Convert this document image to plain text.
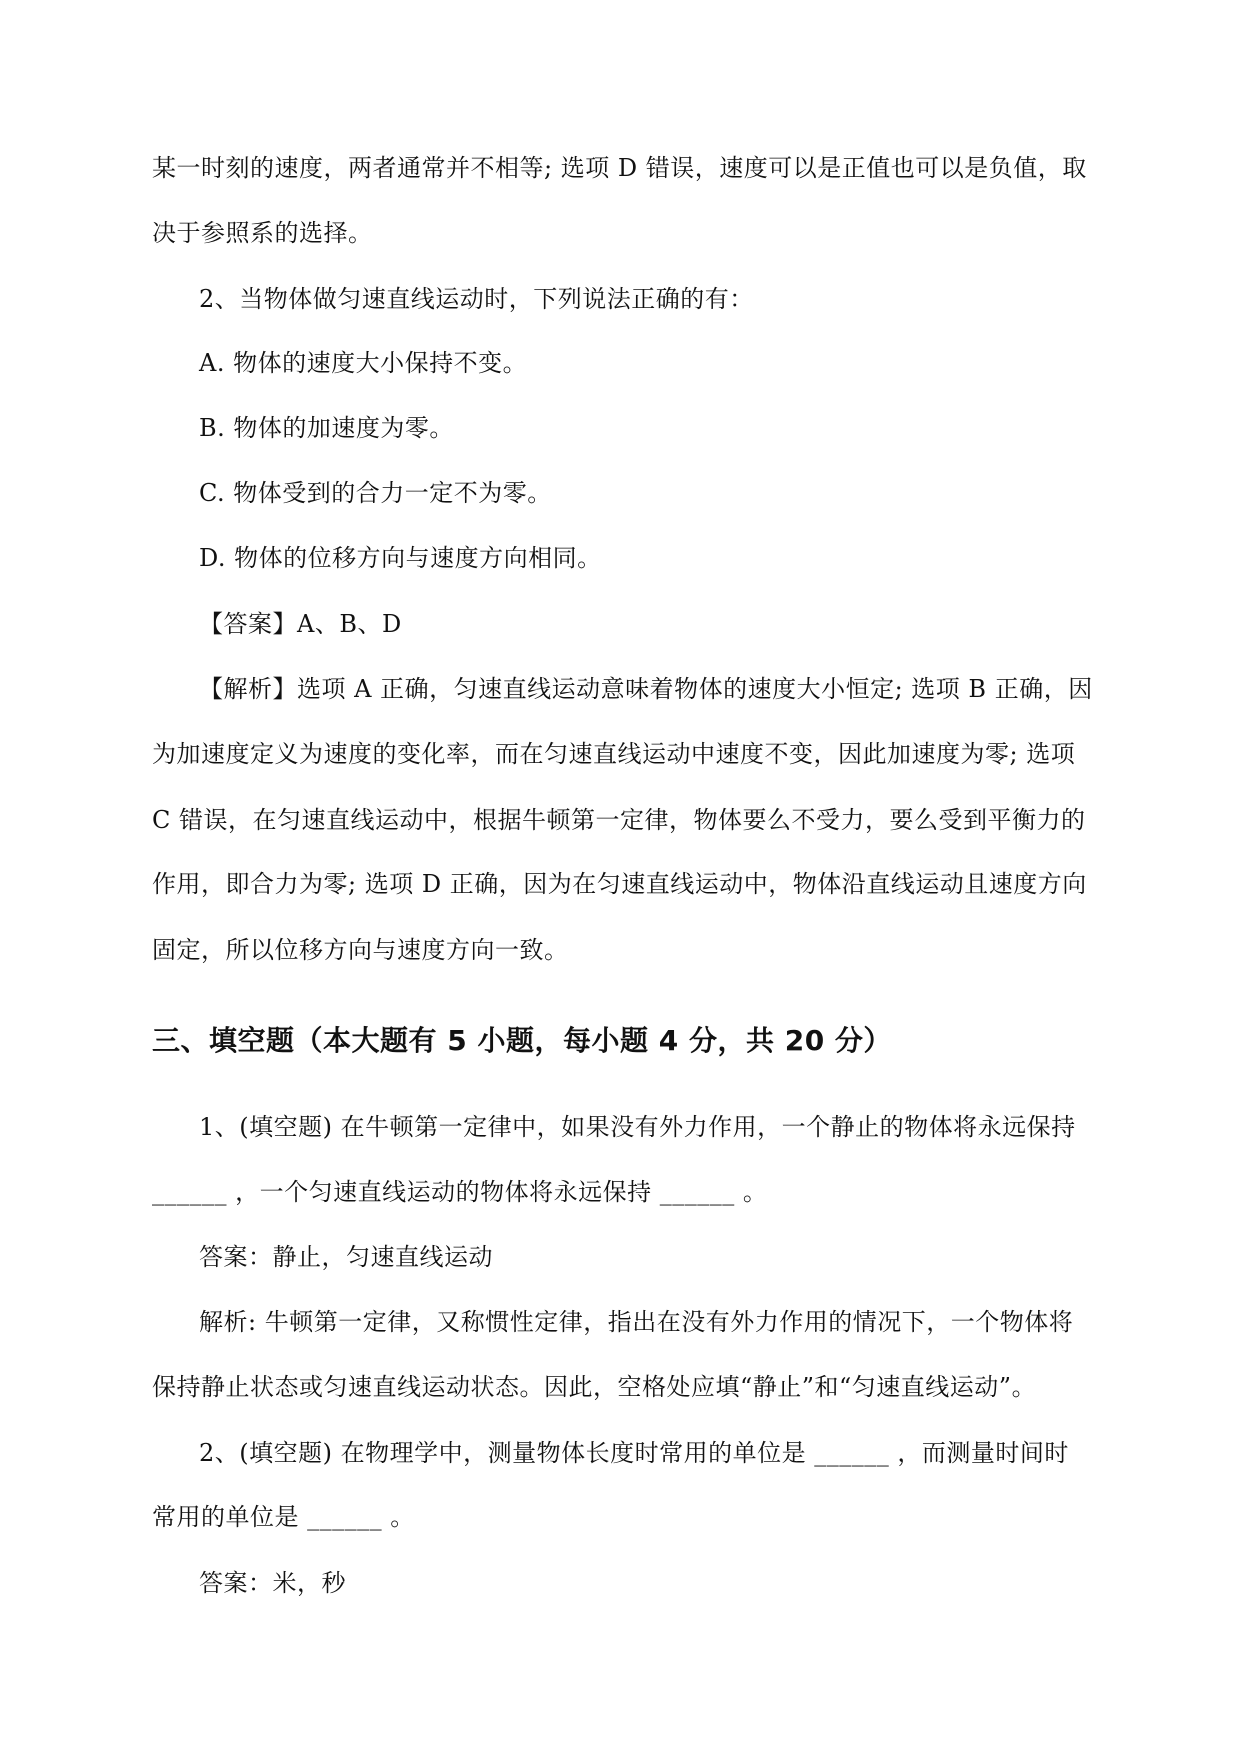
某一时刻的速度，两者通常并不相等; 选项 D 错误，速度可以是正值也可以是负值，取
决于参照系的选择。
2、当物体做匀速直线运动时，下列说法正确的有：
A. 物体的速度大小保持不变。
B. 物体的加速度为零。
C. 物体受到的合力一定不为零。
D. 物体的位移方向与速度方向相同。
【答案】A、B、D
【解析】选项 A 正确，匀速直线运动意味着物体的速度大小恒定; 选项 B 正确，因
为加速度定义为速度的变化率，而在匀速直线运动中速度不变，因此加速度为零; 选项
C 错误，在匀速直线运动中，根据牛顿第一定律，物体要么不受力，要么受到平衡力的
作用，即合力为零; 选项 D 正确，因为在匀速直线运动中，物体沿直线运动且速度方向
固定，所以位移方向与速度方向一致。
三、填空题（本大题有 5 小题，每小题 4 分，共 20 分）
1、(填空题) 在牛顿第一定律中，如果没有外力作用，一个静止的物体将永远保持
______ ，一个匀速直线运动的物体将永远保持 ______ 。
答案：静止，匀速直线运动
解析: 牛顿第一定律，又称惯性定律，指出在没有外力作用的情况下，一个物体将
保持静止状态或匀速直线运动状态。因此，空格处应填“静止”和“匀速直线运动”。
2、(填空题) 在物理学中，测量物体长度时常用的单位是 ______ ，而测量时间时
常用的单位是 ______ 。
答案：米，秒
